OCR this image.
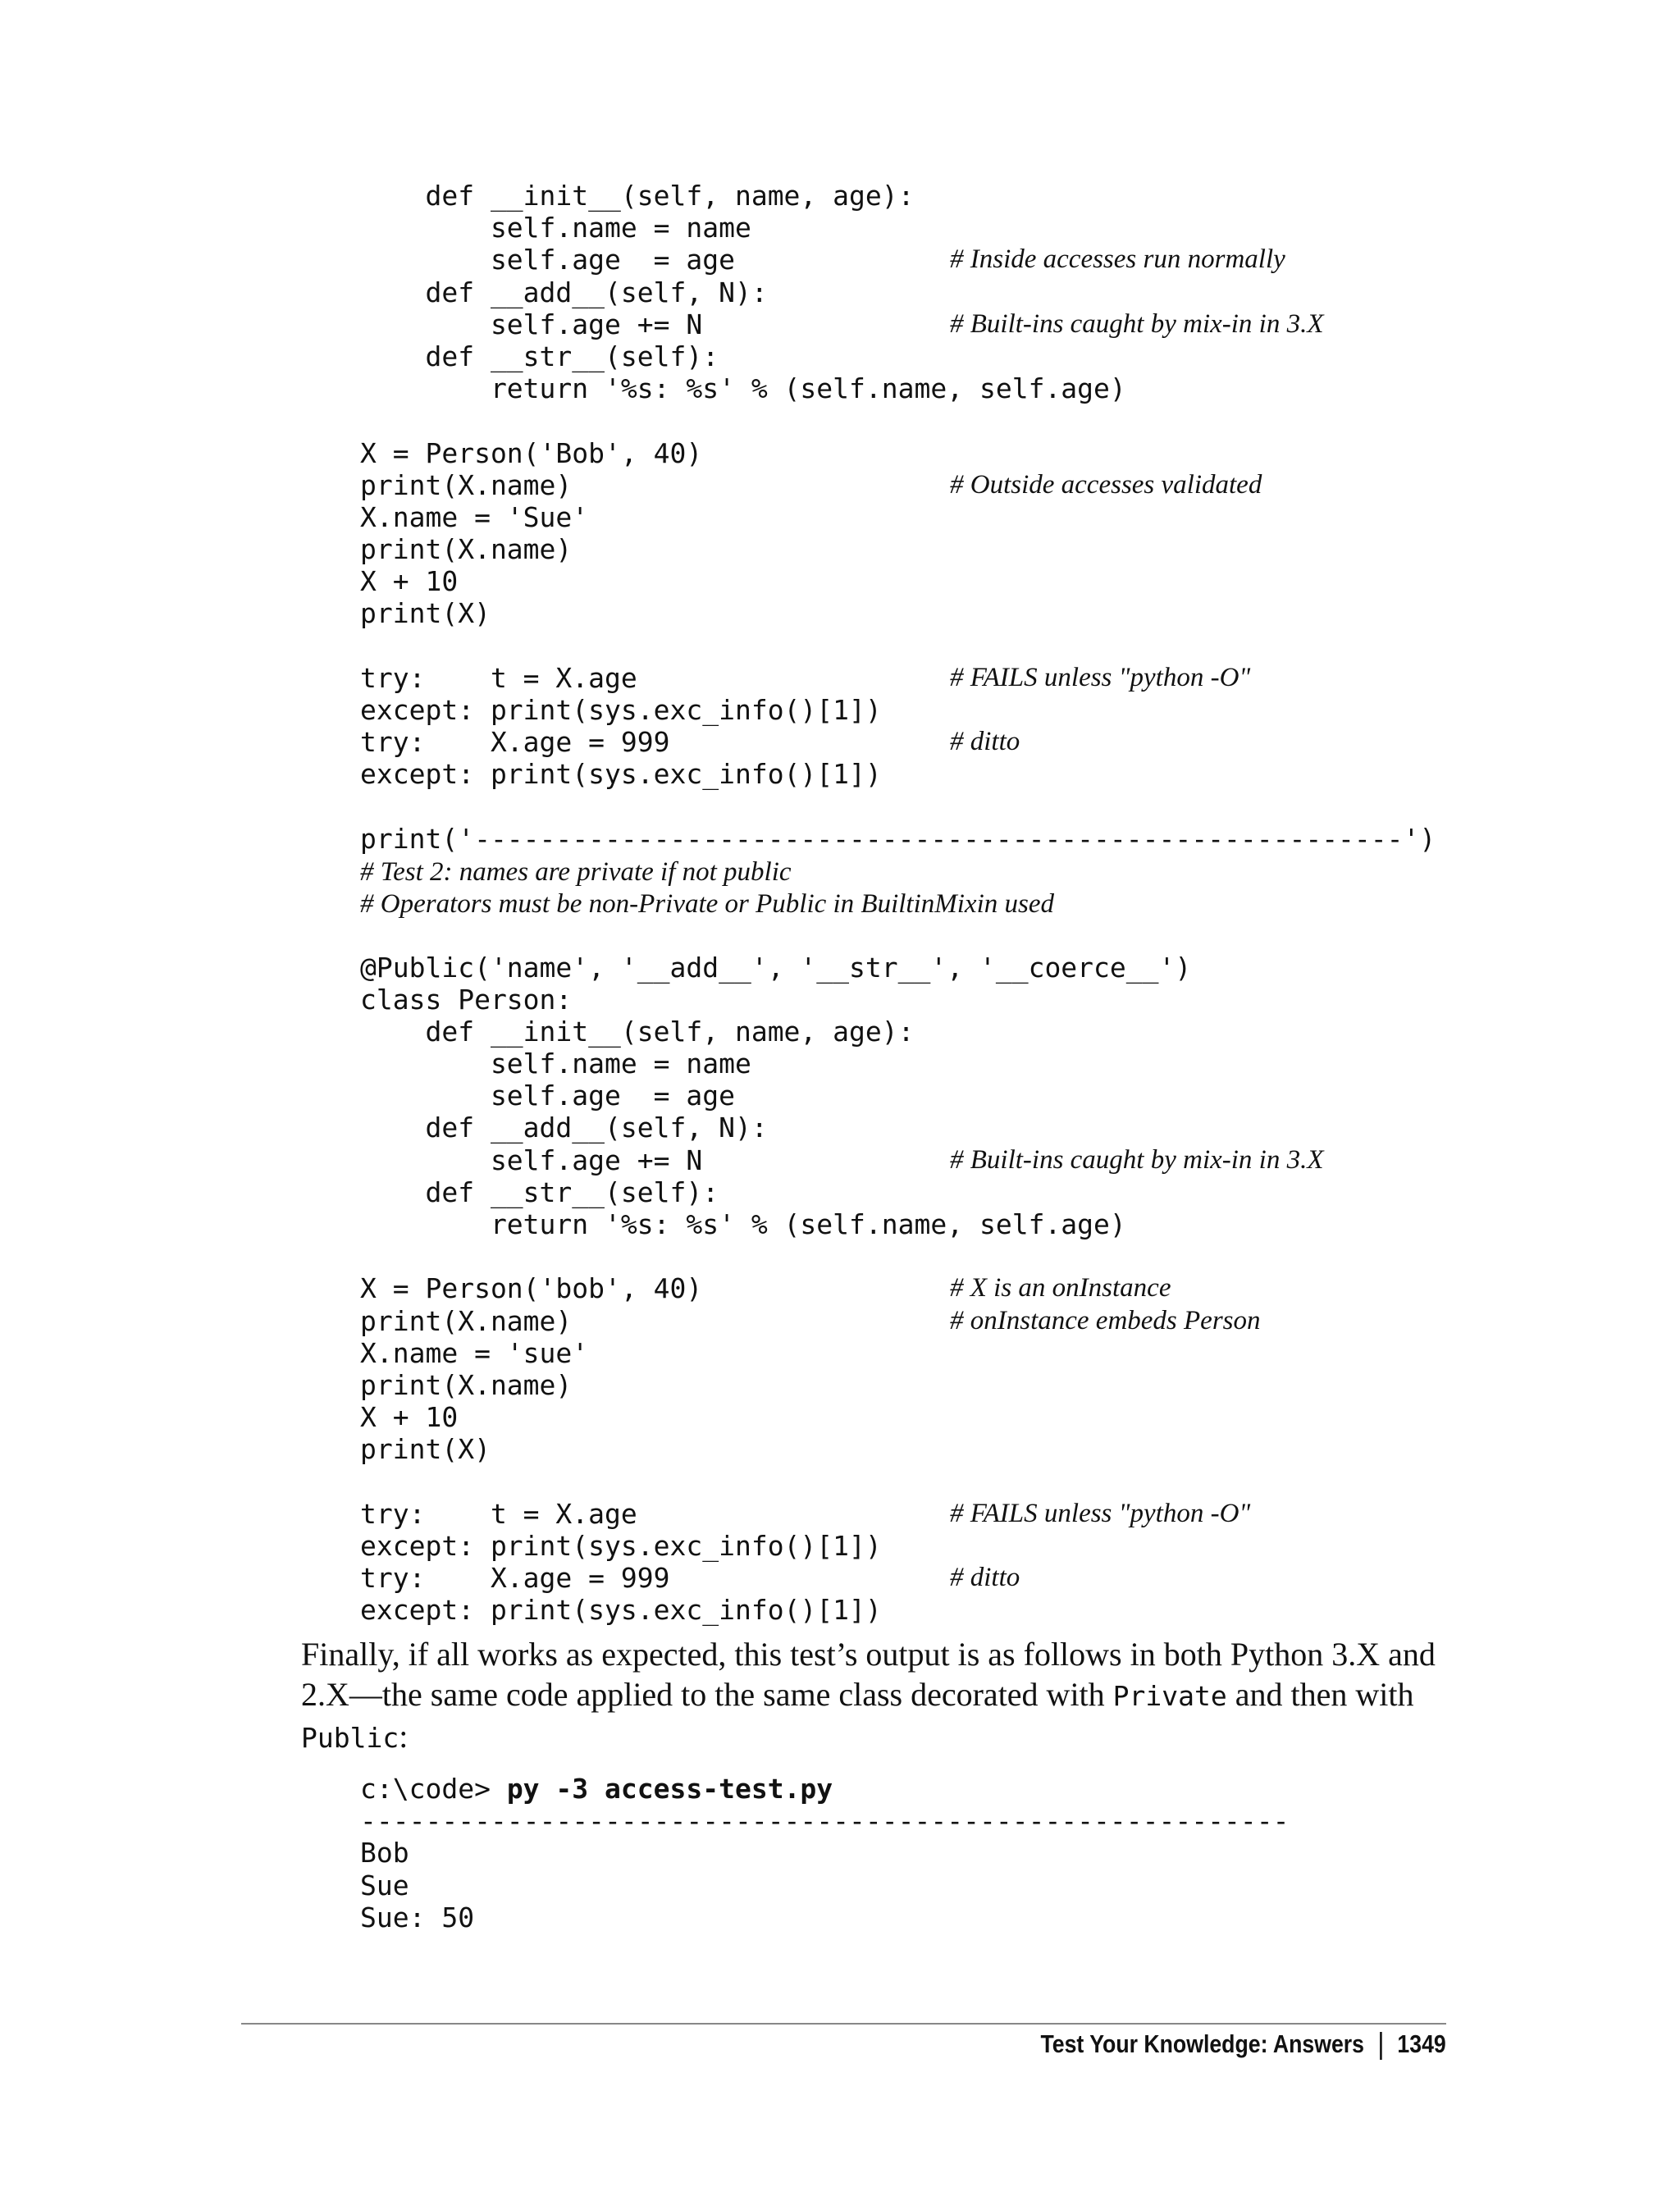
def __init__(self, name, age):
self.name = name
self.age  = age	# Inside accesses run normally
def __add__(self, N):
self.age += N	# Built-ins caught by mix-in in 3.X
def __str__(self):
return '%s: %s' % (self.name, self.age)
X = Person('Bob', 40)
print(X.name)	# Outside accesses validated
X.name = 'Sue'
print(X.name)
X + 10
print(X)
try:    t = X.age	# FAILS unless "python -O"
except: print(sys.exc_info()[1])
try:    X.age = 999	# ditto
except: print(sys.exc_info()[1])
print('---------------------------------------------------------')
# Test 2: names are private if not public
# Operators must be non-Private or Public in BuiltinMixin used
@Public('name', '__add__', '__str__', '__coerce__')
class Person:
def __init__(self, name, age):
self.name = name
self.age  = age
def __add__(self, N):
self.age += N	# Built-ins caught by mix-in in 3.X
def __str__(self):
return '%s: %s' % (self.name, self.age)
X = Person('bob', 40)	# X is an onInstance
print(X.name)	# onInstance embeds Person
X.name = 'sue'
print(X.name)
X + 10
print(X)
try:    t = X.age	# FAILS unless "python -O"
except: print(sys.exc_info()[1])
try:    X.age = 999	# ditto
except: print(sys.exc_info()[1])

Finally, if all works as expected, this test’s output is as follows in both Python 3.X and 2.X—the same code applied to the same class decorated with Private and then with Public:

c:\code> py -3 access-test.py
---------------------------------------------------------
Bob
Sue
Sue: 50
Test Your Knowledge: Answers 1349
